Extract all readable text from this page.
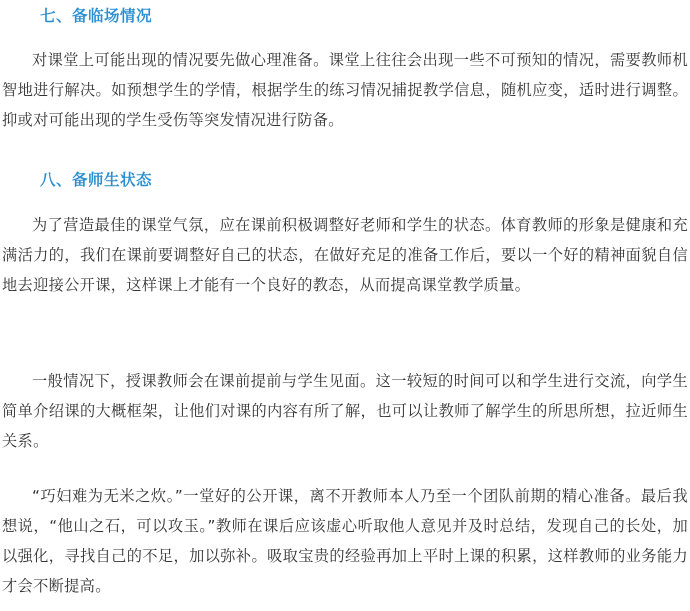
七、备临场情况

对课堂上可能出现的情况要先做心理准备。课堂上往往会出现一些不可预知的情况，需要教师机智地进行解决。如预想学生的学情，根据学生的练习情况捕捉教学信息，随机应变，适时进行调整。抑或对可能出现的学生受伤等突发情况进行防备。

八、备师生状态

为了营造最佳的课堂气氛，应在课前积极调整好老师和学生的状态。体育教师的形象是健康和充满活力的，我们在课前要调整好自己的状态，在做好充足的准备工作后，要以一个好的精神面貌自信地去迎接公开课，这样课上才能有一个良好的教态，从而提高课堂教学质量。

一般情况下，授课教师会在课前提前与学生见面。这一较短的时间可以和学生进行交流，向学生简单介绍课的大概框架，让他们对课的内容有所了解，也可以让教师了解学生的所思所想，拉近师生关系。

“巧妇难为无米之炊。”一堂好的公开课，离不开教师本人乃至一个团队前期的精心准备。最后我想说，“他山之石，可以攻玉。”教师在课后应该虚心听取他人意见并及时总结，发现自己的长处，加以强化，寻找自己的不足，加以弥补。吸取宝贵的经验再加上平时上课的积累，这样教师的业务能力才会不断提高。
